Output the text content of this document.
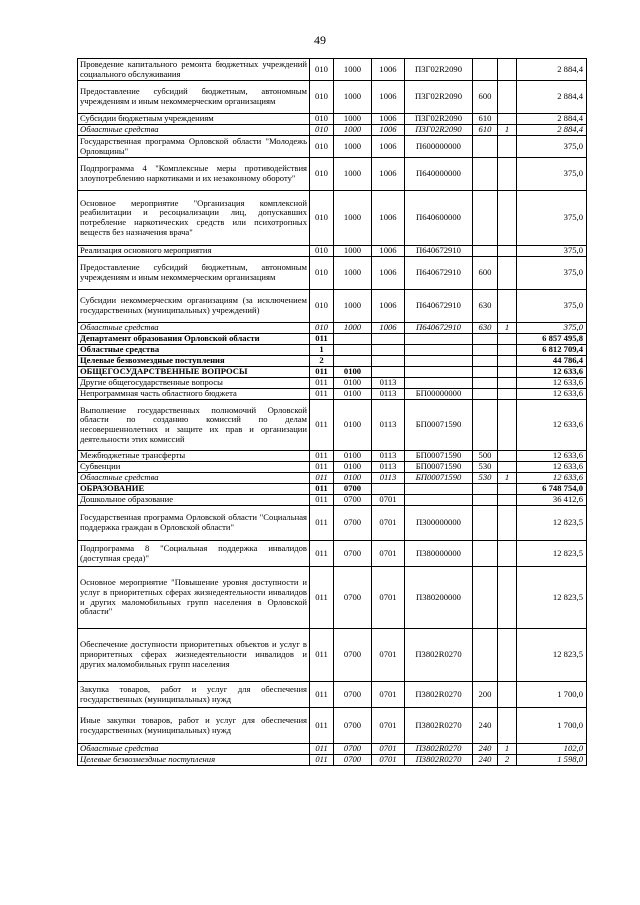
49
Проведение капитального ремонта бюджетных учреждений социального обслуживания	010	1000	1006	П3Г02R2090			2 884,4
Предоставление субсидий бюджетным, автономным учреждениям и иным некоммерческим организациям	010	1000	1006	П3Г02R2090	600		2 884,4
Субсидии бюджетным учреждениям	010	1000	1006	П3Г02R2090	610		2 884,4
Областные средства	010	1000	1006	П3Г02R2090	610	1	2 884,4
Государственная программа Орловской области "Молодежь Орловщины"	010	1000	1006	П600000000			375,0
Подпрограмма 4 "Комплексные меры противодействия злоупотреблению наркотиками и их незаконному обороту"	010	1000	1006	П640000000			375,0
Основное мероприятие "Организация комплексной реабилитации и ресоциализации лиц, допускавших потребление наркотических средств или психотропных веществ без назначения врача"	010	1000	1006	П640600000			375,0
Реализация основного мероприятия	010	1000	1006	П640672910			375,0
Предоставление субсидий бюджетным, автономным учреждениям и иным некоммерческим организациям	010	1000	1006	П640672910	600		375,0
Субсидии некоммерческим организациям (за исключением государственных (муниципальных) учреждений)	010	1000	1006	П640672910	630		375,0
Областные средства	010	1000	1006	П640672910	630	1	375,0
Департамент образования Орловской области	011						6 857 495,8
Областные средства	1						6 812 709,4
Целевые безвозмездные поступления	2						44 786,4
ОБЩЕГОСУДАРСТВЕННЫЕ ВОПРОСЫ	011	0100					12 633,6
Другие общегосударственные вопросы	011	0100	0113				12 633,6
Непрограммная часть областного бюджета	011	0100	0113	БП00000000			12 633,6
Выполнение государственных полномочий Орловской области по созданию комиссий по делам несовершеннолетних и защите их прав и организации деятельности этих комиссий	011	0100	0113	БП00071590			12 633,6
Межбюджетные трансферты	011	0100	0113	БП00071590	500		12 633,6
Субвенции	011	0100	0113	БП00071590	530		12 633,6
Областные средства	011	0100	0113	БП00071590	530	1	12 633,6
ОБРАЗОВАНИЕ	011	0700					6 748 754,0
Дошкольное образование	011	0700	0701				36 412,6
Государственная программа Орловской области "Социальная поддержка граждан в Орловской области"	011	0700	0701	П300000000			12 823,5
Подпрограмма 8 "Социальная поддержка инвалидов (доступная среда)"	011	0700	0701	П380000000			12 823,5
Основное мероприятие "Повышение уровня доступности и услуг в приоритетных сферах жизнедеятельности инвалидов и других маломобильных групп населения в Орловской области"	011	0700	0701	П380200000			12 823,5
Обеспечение доступности приоритетных объектов и услуг в приоритетных сферах жизнедеятельности инвалидов и других маломобильных групп населения	011	0700	0701	П3802R0270			12 823,5
Закупка товаров, работ и услуг для обеспечения государственных (муниципальных) нужд	011	0700	0701	П3802R0270	200		1 700,0
Иные закупки товаров, работ и услуг для обеспечения государственных (муниципальных) нужд	011	0700	0701	П3802R0270	240		1 700,0
Областные средства	011	0700	0701	П3802R0270	240	1	102,0
Целевые безвозмездные поступления	011	0700	0701	П3802R0270	240	2	1 598,0
